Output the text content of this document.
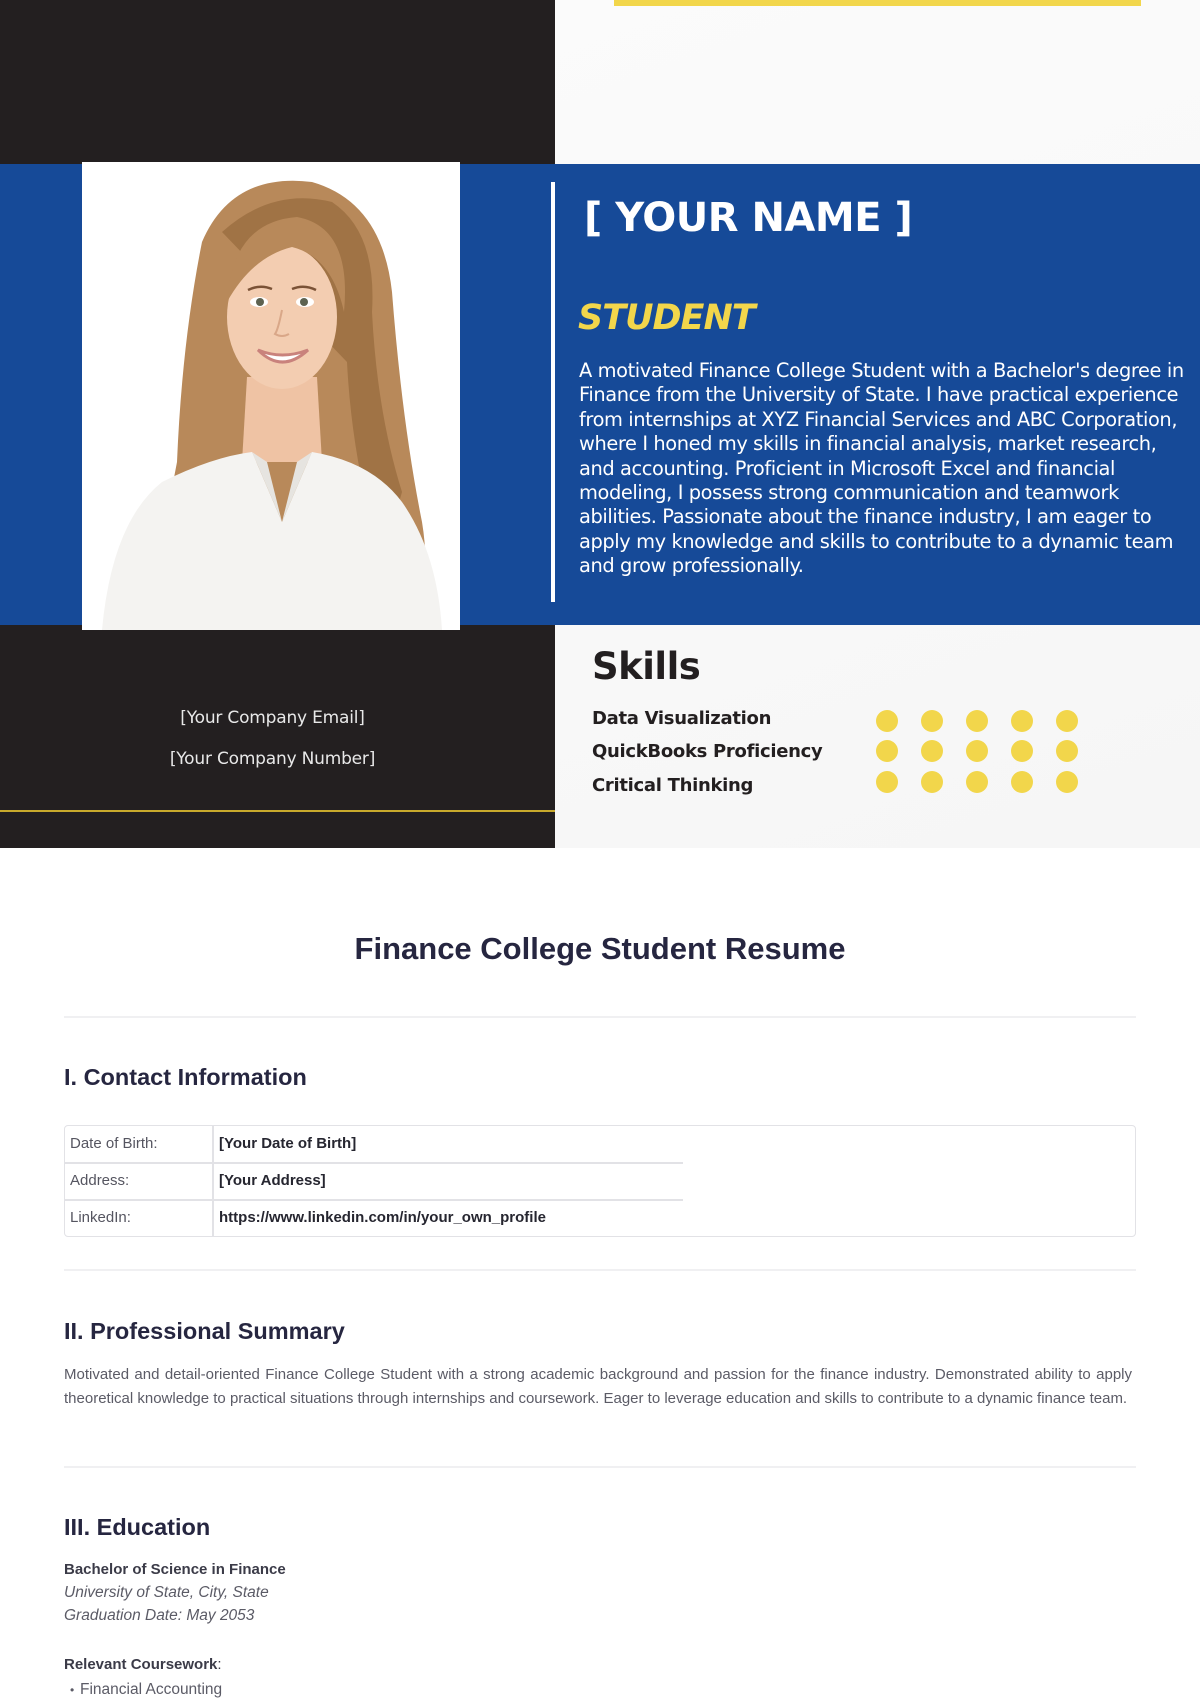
[ YOUR NAME ]
STUDENT
A motivated Finance College Student with a Bachelor's degree in Finance from the University of State. I have practical experience from internships at XYZ Financial Services and ABC Corporation, where I honed my skills in financial analysis, market research, and accounting. Proficient in Microsoft Excel and financial modeling, I possess strong communication and teamwork abilities. Passionate about the finance industry, I am eager to apply my knowledge and skills to contribute to a dynamic team and grow professionally.
[Your Company Email]
[Your Company Number]
Skills
Data Visualization
QuickBooks Proficiency
Critical Thinking
Finance College Student Resume
I. Contact Information
Date of Birth:	[Your Date of Birth]
Address:	[Your Address]
LinkedIn:	https://www.linkedin.com/in/your_own_profile
II. Professional Summary

Motivated and detail-oriented Finance College Student with a strong academic background and passion for the finance industry. Demonstrated ability to apply theoretical knowledge to practical situations through internships and coursework. Eager to leverage education and skills to contribute to a dynamic finance team.

III. Education
Bachelor of Science in Finance
University of State, City, State
Graduation Date: May 2053
Relevant Coursework:
• Financial Accounting
